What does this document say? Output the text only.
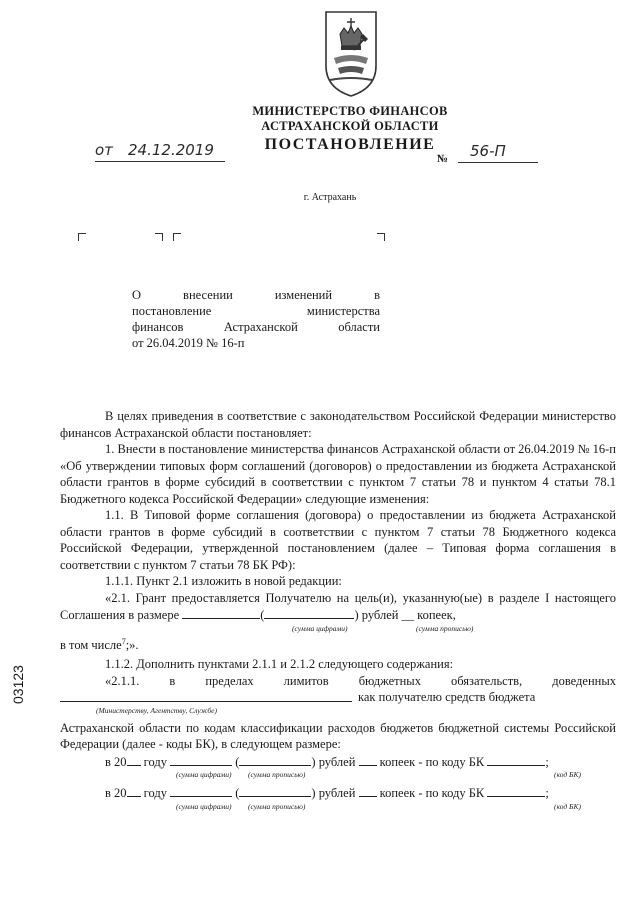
МИНИСТЕРСТВО ФИНАНСОВ
АСТРАХАНСКОЙ ОБЛАСТИ
ПОСТАНОВЛЕНИЕ
от 24.12.2019	№ 56-П
г. Астрахань
О внесении изменений в
постановление министерства
финансов Астраханской области
от 26.04.2019 № 16-п

В целях приведения в соответствие с законодательством Российской Федерации министерство финансов Астраханской области постановляет:

1. Внести в постановление министерства финансов Астраханской области от 26.04.2019 № 16-п «Об утверждении типовых форм соглашений (договоров) о предоставлении из бюджета Астраханской области грантов в форме субсидий в соответствии с пунктом 7 статьи 78 и пунктом 4 статьи 78.1 Бюджетного кодекса Российской Федерации» следующие изменения:

1.1. В Типовой форме соглашения (договора) о предоставлении из бюджета Астраханской области грантов в форме субсидий в соответствии с пунктом 7 статьи 78 Бюджетного кодекса Российской Федерации, утвержденной постановлением (далее – Типовая форма соглашения в соответствии с пунктом 7 статьи 78 БК РФ):

1.1.1. Пункт 2.1 изложить в новой редакции:

«2.1. Грант предоставляется Получателю на цель(и), указанную(ые) в разделе I настоящего Соглашения в размере	(	) рублей __ копеек,

(сумма цифрами)	(сумма прописью)

в том числе$^7$;».

1.1.2. Дополнить пунктами 2.1.1 и 2.1.2 следующего содержания:

«2.1.1. в пределах лимитов бюджетных обязательств, доведенных

как получателю средств бюджета
(Министерству, Агентству, Службе)

Астраханской области по кодам классификации расходов бюджетов бюджетной системы Российской Федерации (далее - коды БК), в следующем размере:

в 20 году	(	) рублей копеек - по коду БК	;
(сумма цифрами) (сумма прописью)	(код БК)
в 20 году	(	) рублей копеек - по коду БК	;
(сумма цифрами) (сумма прописью)	(код БК)
03123
